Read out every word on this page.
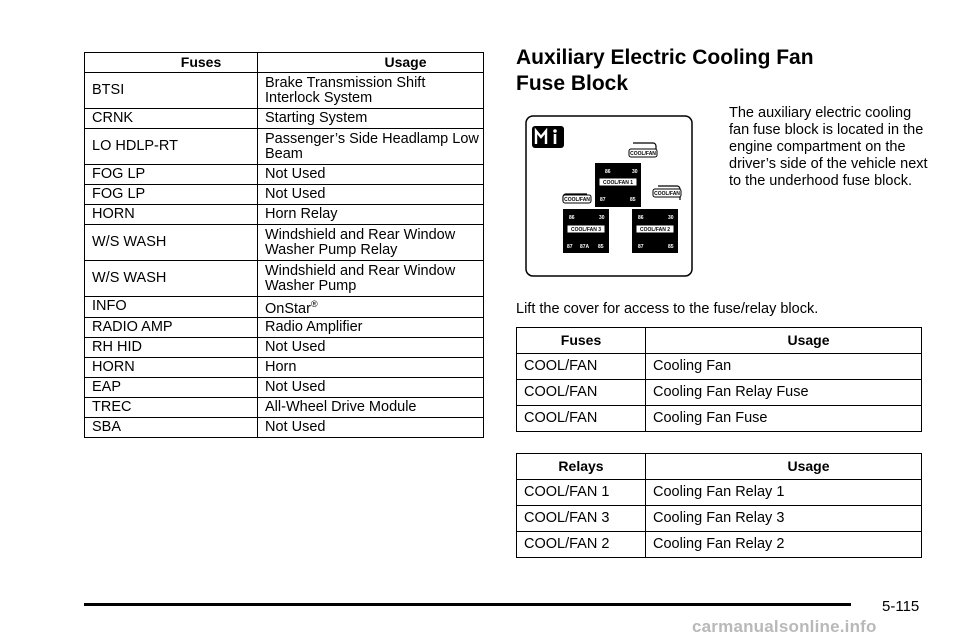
Fuses	Usage
BTSI	Brake Transmission Shift Interlock System
CRNK	Starting System
LO HDLP-RT	Passenger’s Side Headlamp Low Beam
FOG LP	Not Used
FOG LP	Not Used
HORN	Horn Relay
W/S WASH	Windshield and Rear Window Washer Pump Relay
W/S WASH	Windshield and Rear Window Washer Pump
INFO	OnStar®
RADIO AMP	Radio Amplifier
RH HID	Not Used
HORN	Horn
EAP	Not Used
TREC	All-Wheel Drive Module
SBA	Not Used
Auxiliary Electric Cooling Fan
Fuse Block
COOL/FAN
COOL/FAN
COOL/FAN
86	30
COOL/FAN 1
87	85
86	30
COOL/FAN 3
87 87A 85
86	30
COOL/FAN 2
87	85
The auxiliary electric cooling fan fuse block is located in the engine compartment on the driver’s side of the vehicle next to the underhood fuse block.
Lift the cover for access to the fuse/relay block.
Fuses	Usage
COOL/FAN	Cooling Fan
COOL/FAN	Cooling Fan Relay Fuse
COOL/FAN	Cooling Fan Fuse
Relays	Usage
COOL/FAN 1	Cooling Fan Relay 1
COOL/FAN 3	Cooling Fan Relay 3
COOL/FAN 2	Cooling Fan Relay 2
5-115
carmanualsonline.info
